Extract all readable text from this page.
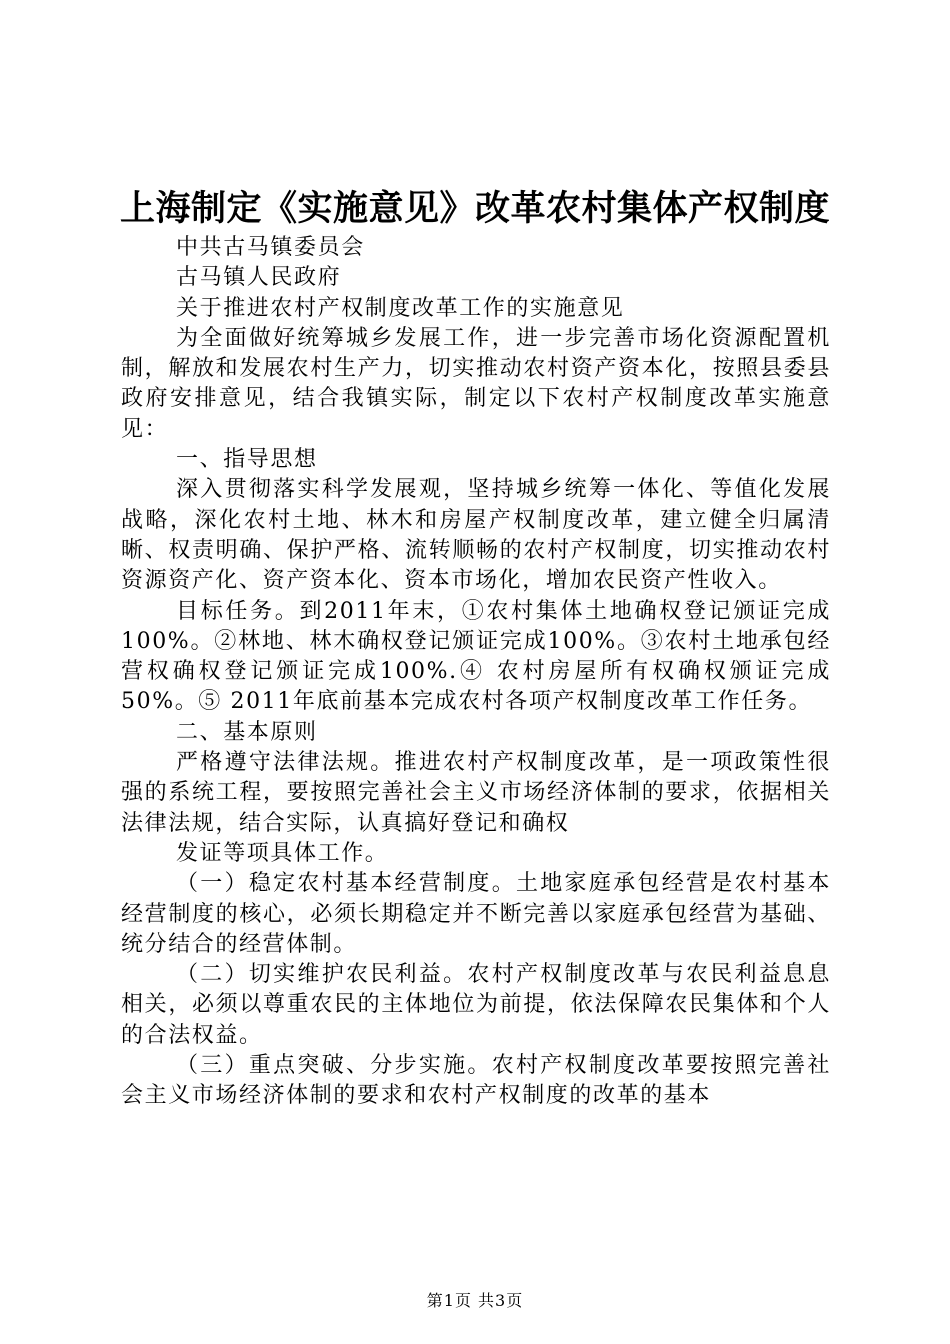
上海制定《实施意见》改革农村集体产权制度

中共古马镇委员会

古马镇人民政府

关于推进农村产权制度改革工作的实施意见

为全面做好统筹城乡发展工作，进一步完善市场化资源配置机制，解放和发展农村生产力，切实推动农村资产资本化，按照县委县政府安排意见，结合我镇实际，制定以下农村产权制度改革实施意见：

一、指导思想

深入贯彻落实科学发展观，坚持城乡统筹一体化、等值化发展战略，深化农村土地、林木和房屋产权制度改革，建立健全归属清晰、权责明确、保护严格、流转顺畅的农村产权制度，切实推动农村资源资产化、资产资本化、资本市场化，增加农民资产性收入。

目标任务。到2011年末，①农村集体土地确权登记颁证完成100%。②林地、林木确权登记颁证完成100%。③农村土地承包经营权确权登记颁证完成100%.④ 农村房屋所有权确权颁证完成50%。⑤ 2011年底前基本完成农村各项产权制度改革工作任务。

二、基本原则

严格遵守法律法规。推进农村产权制度改革，是一项政策性很强的系统工程，要按照完善社会主义市场经济体制的要求，依据相关法律法规，结合实际，认真搞好登记和确权

发证等项具体工作。

（一）稳定农村基本经营制度。土地家庭承包经营是农村基本经营制度的核心，必须长期稳定并不断完善以家庭承包经营为基础、统分结合的经营体制。

（二）切实维护农民利益。农村产权制度改革与农民利益息息相关，必须以尊重农民的主体地位为前提，依法保障农民集体和个人的合法权益。

（三）重点突破、分步实施。农村产权制度改革要按照完善社会主义市场经济体制的要求和农村产权制度的改革的基本

第1页 共3页
